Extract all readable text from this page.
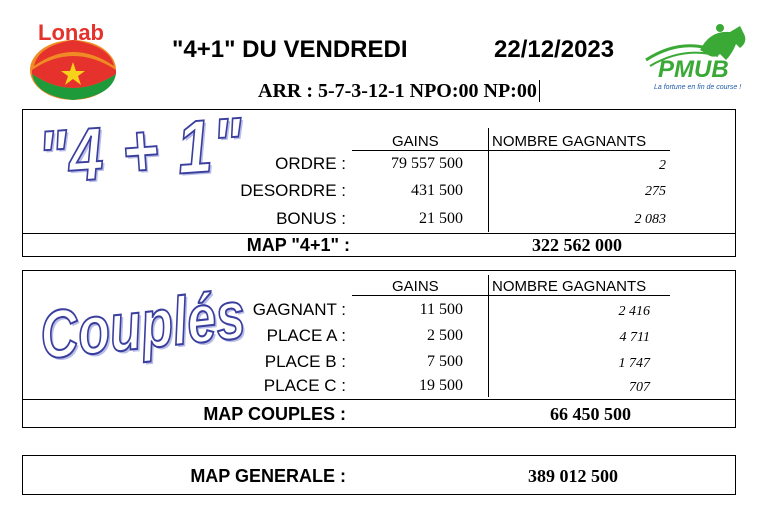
Lonab
"4+1" DU VENDREDI	22/12/2023
ARR : 5-7-3-12-1 NPO:00 NP:00
PMUB
La fortune en fin de course !
"4 + 1"	GAINS	NOMBRE GAGNANTS
ORDRE :	79 557 500	2
DESORDRE :	431 500	275
BONUS :	21 500	2 083
MAP "4+1" :	322 562 000
Couplés	GAINS	NOMBRE GAGNANTS
GAGNANT :	11 500	2 416
PLACE A :	2 500	4 711
PLACE B :	7 500	1 747
PLACE C :	19 500	707
MAP COUPLES :	66 450 500
MAP GENERALE :	389 012 500
